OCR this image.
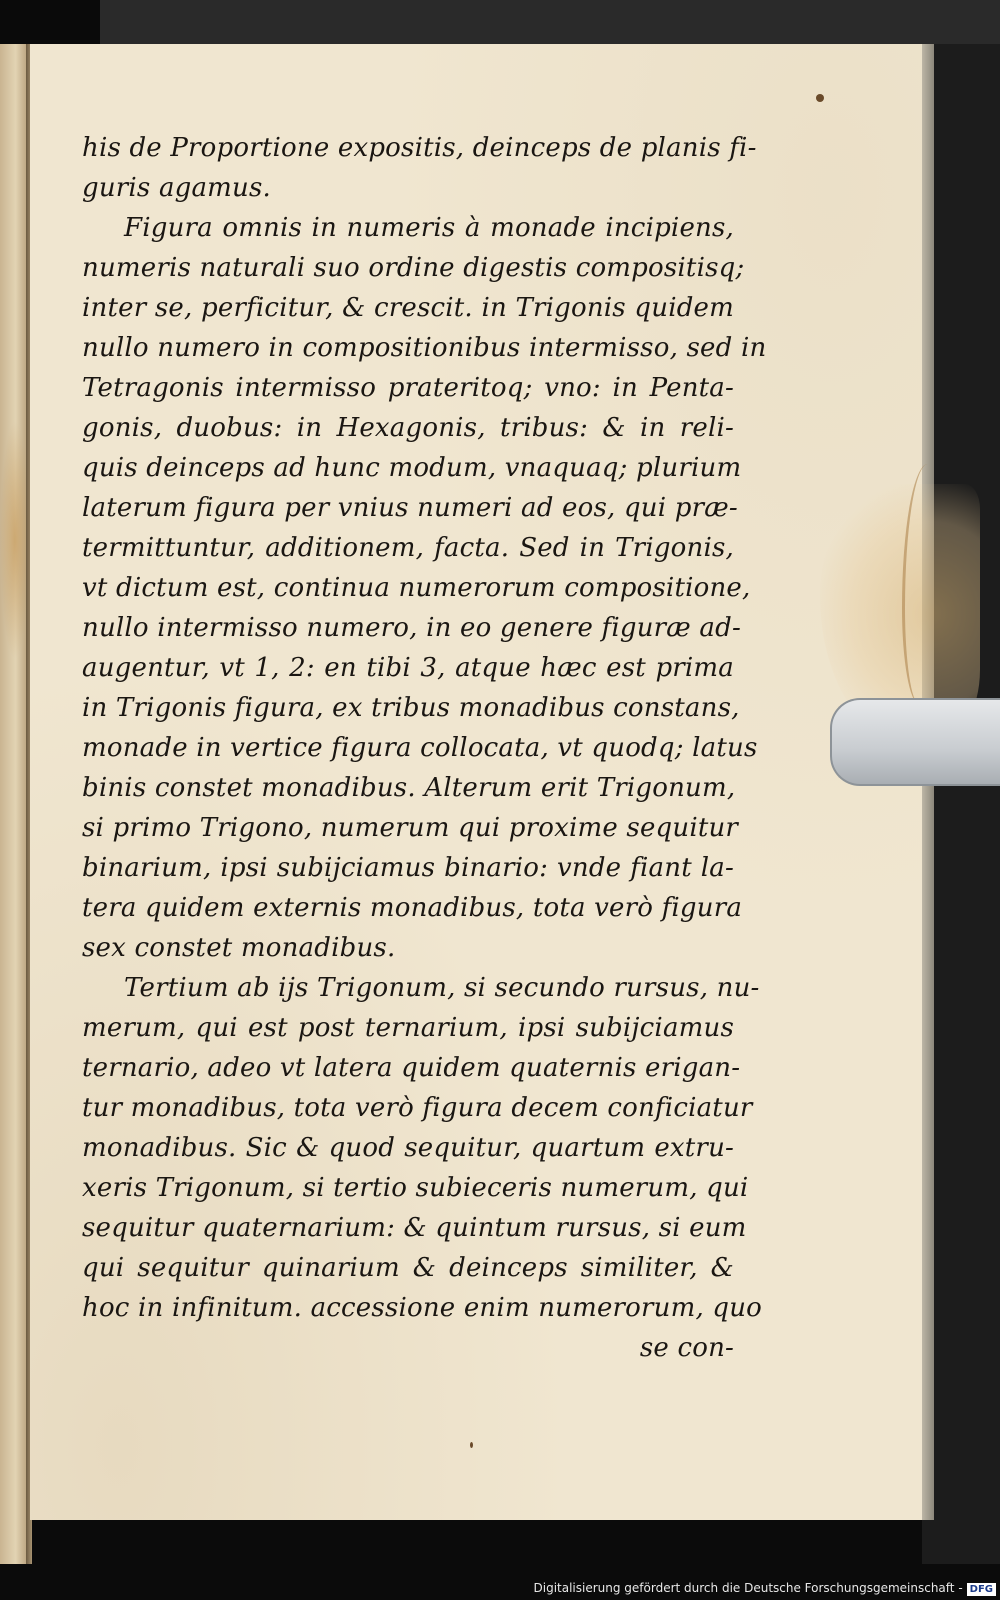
his de Proportione expositis, deinceps de planis fi-
guris agamus.
Figura omnis in numeris à monade incipiens,
numeris naturali suo ordine digestis compositisq;
inter se, perficitur, & crescit. in Trigonis quidem
nullo numero in compositionibus intermisso, sed in
Tetragonis intermisso prateritoq; vno: in Penta-
gonis, duobus: in Hexagonis, tribus: & in reli-
quis deinceps ad hunc modum, vnaquaq; plurium
laterum figura per vnius numeri ad eos, qui præ-
termittuntur, additionem, facta. Sed in Trigonis,
vt dictum est, continua numerorum compositione,
nullo intermisso numero, in eo genere figuræ ad-
augentur, vt 1, 2: en tibi 3, atque hæc est prima
in Trigonis figura, ex tribus monadibus constans,
monade in vertice figura collocata, vt quodq; latus
binis constet monadibus. Alterum erit Trigonum,
si primo Trigono, numerum qui proxime sequitur
binarium, ipsi subijciamus binario: vnde fiant la-
tera quidem externis monadibus, tota verò figura
sex constet monadibus.
Tertium ab ijs Trigonum, si secundo rursus, nu-
merum, qui est post ternarium, ipsi subijciamus
ternario, adeo vt latera quidem quaternis erigan-
tur monadibus, tota verò figura decem conficiatur
monadibus. Sic & quod sequitur, quartum extru-
xeris Trigonum, si tertio subieceris numerum, qui
sequitur quaternarium: & quintum rursus, si eum
qui sequitur quinarium & deinceps similiter, &
hoc in infinitum. accessione enim numerorum, quo
se con-
Digitalisierung gefördert durch die Deutsche Forschungsgemeinschaft - DFG
